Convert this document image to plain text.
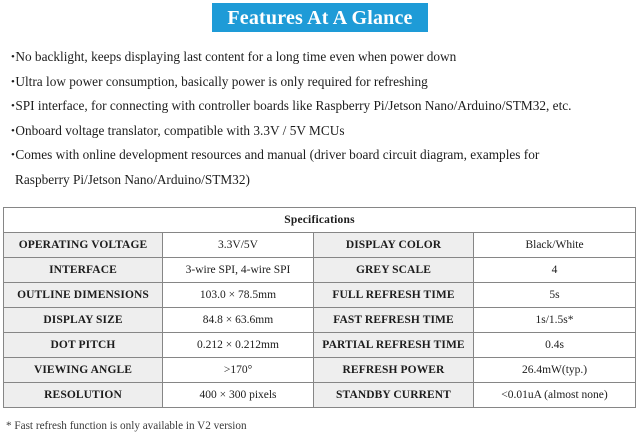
Features At A Glance
•No backlight, keeps displaying last content for a long time even when power down
•Ultra low power consumption, basically power is only required for refreshing
•SPI interface, for connecting with controller boards like Raspberry Pi/Jetson Nano/Arduino/STM32, etc.
•Onboard voltage translator, compatible with 3.3V / 5V MCUs
•Comes with online development resources and manual (driver board circuit diagram, examples for
Raspberry Pi/Jetson Nano/Arduino/STM32)
Specifications			
OPERATING VOLTAGE	3.3V/5V	DISPLAY COLOR	Black/White
INTERFACE	3-wire SPI, 4-wire SPI	GREY SCALE	4
OUTLINE DIMENSIONS	103.0 × 78.5mm	FULL REFRESH TIME	5s
DISPLAY SIZE	84.8 × 63.6mm	FAST REFRESH TIME	1s/1.5s*
DOT PITCH	0.212 × 0.212mm	PARTIAL REFRESH TIME	0.4s
VIEWING ANGLE	>170°	REFRESH POWER	26.4mW(typ.)
RESOLUTION	400 × 300 pixels	STANDBY CURRENT	<0.01uA (almost none)
* Fast refresh function is only available in V2 version
